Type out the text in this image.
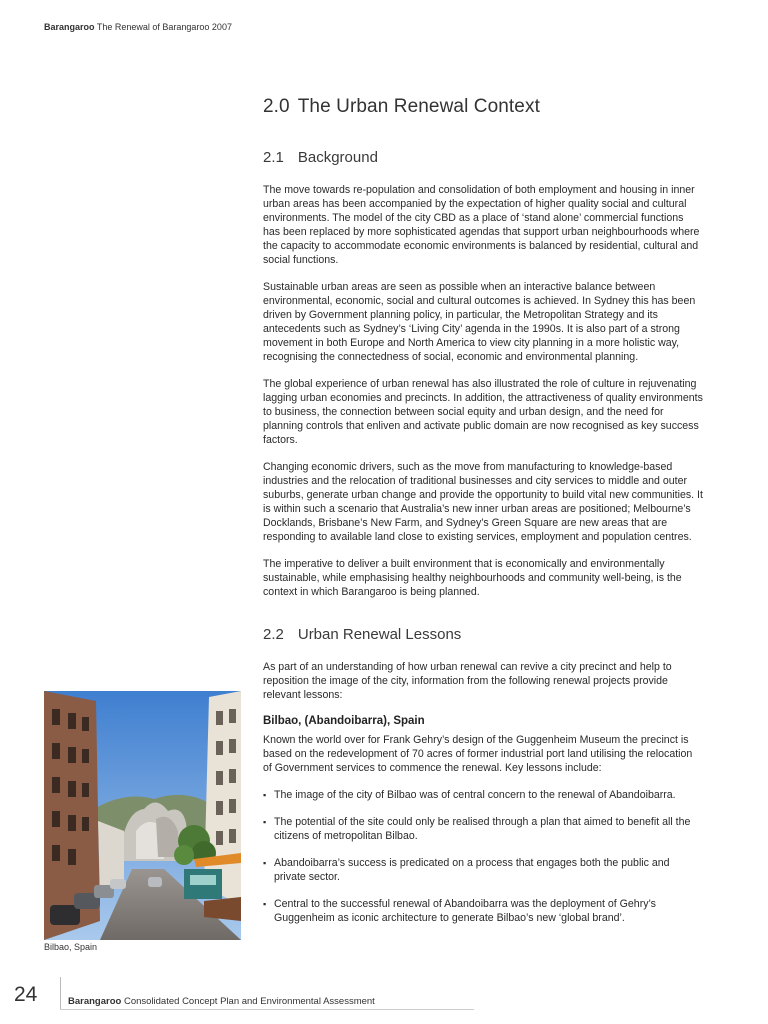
Barangaroo The Renewal of Barangaroo 2007
2.0 The Urban Renewal Context
2.1 Background

The move towards re-population and consolidation of both employment and housing in inner urban areas has been accompanied by the expectation of higher quality social and cultural environments. The model of the city CBD as a place of ‘stand alone’ commercial functions has been replaced by more sophisticated agendas that support urban neighbourhoods where the capacity to accommodate economic environments is balanced by residential, cultural and social functions.

Sustainable urban areas are seen as possible when an interactive balance between environmental, economic, social and cultural outcomes is achieved. In Sydney this has been driven by Government planning policy, in particular, the Metropolitan Strategy and its antecedents such as Sydney’s ‘Living City’ agenda in the 1990s. It is also part of a strong movement in both Europe and North America to view city planning in a more holistic way, recognising the connectedness of social, economic and environmental planning.

The global experience of urban renewal has also illustrated the role of culture in rejuvenating lagging urban economies and precincts. In addition, the attractiveness of quality environments to business, the connection between social equity and urban design, and the need for planning controls that enliven and activate public domain are now recognised as key success factors.

Changing economic drivers, such as the move from manufacturing to knowledge-based industries and the relocation of traditional businesses and city services to middle and outer suburbs, generate urban change and provide the opportunity to build vital new communities. It is within such a scenario that Australia’s new inner urban areas are positioned; Melbourne’s Docklands, Brisbane’s New Farm, and Sydney’s Green Square are new areas that are responding to available land close to existing services, employment and population centres.

The imperative to deliver a built environment that is economically and environmentally sustainable, while emphasising healthy neighbourhoods and community well-being, is the context in which Barangaroo is being planned.

2.2 Urban Renewal Lessons

As part of an understanding of how urban renewal can revive a city precinct and help to reposition the image of the city, information from the following renewal projects provide relevant lessons:

Bilbao, (Abandoibarra), Spain

Known the world over for Frank Gehry’s design of the Guggenheim Museum the precinct is based on the redevelopment of 70 acres of former industrial port land utilising the relocation of Government services to commence the renewal. Key lessons include:

▪ The image of the city of Bilbao was of central concern to the renewal of Abandoibarra.
▪ The potential of the site could only be realised through a plan that aimed to benefit all the citizens of metropolitan Bilbao.
▪ Abandoibarra’s success is predicated on a process that engages both the public and private sector.
▪ Central to the successful renewal of Abandoibarra was the deployment of Gehry’s Guggenheim as iconic architecture to generate Bilbao’s new ‘global brand’.
Bilbao, Spain
24	Barangaroo Consolidated Concept Plan and Environmental Assessment
